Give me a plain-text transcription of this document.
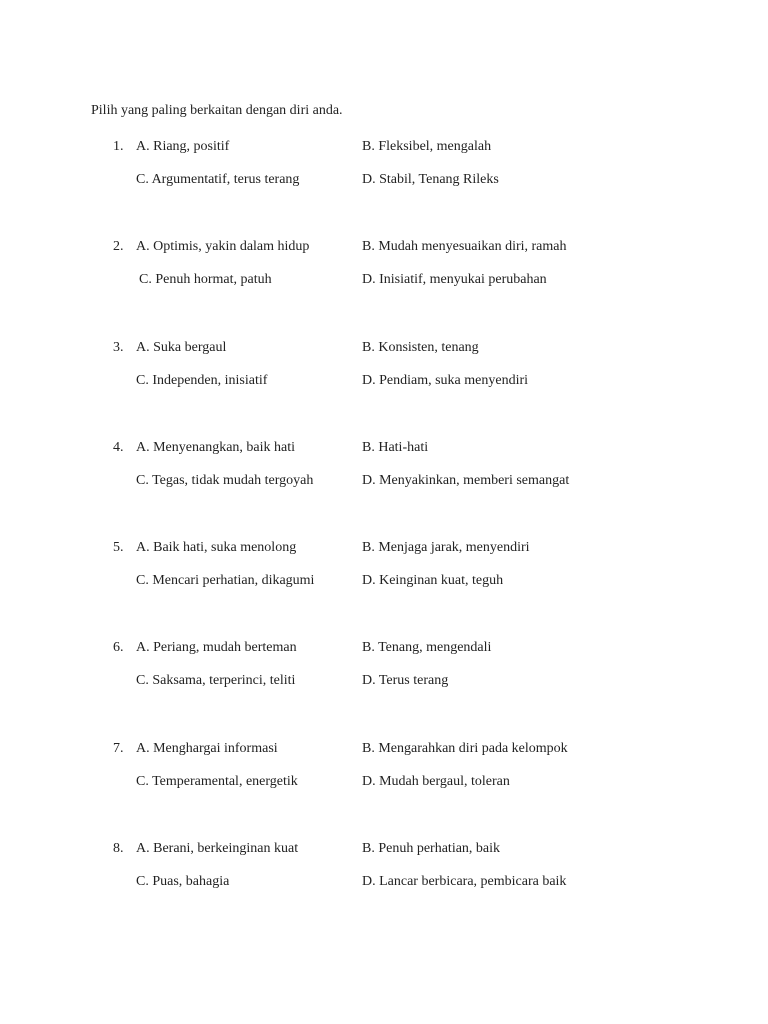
Pilih yang paling berkaitan dengan diri anda.
1. A. Riang, positif	B. Fleksibel, mengalah
C. Argumentatif, terus terang	D. Stabil, Tenang Rileks
2. A. Optimis, yakin dalam hidup	B. Mudah menyesuaikan diri, ramah
C. Penuh hormat, patuh	D. Inisiatif, menyukai perubahan
3. A. Suka bergaul	B. Konsisten, tenang
C. Independen, inisiatif	D. Pendiam, suka menyendiri
4. A. Menyenangkan, baik hati	B. Hati-hati
C. Tegas, tidak mudah tergoyah	D. Menyakinkan, memberi semangat
5. A. Baik hati, suka menolong	B. Menjaga jarak, menyendiri
C. Mencari perhatian, dikagumi	D. Keinginan kuat, teguh
6. A. Periang, mudah berteman	B. Tenang, mengendali
C. Saksama, terperinci, teliti	D. Terus terang
7. A. Menghargai informasi	B. Mengarahkan diri pada kelompok
C. Temperamental, energetik	D. Mudah bergaul, toleran
8. A. Berani, berkeinginan kuat	B. Penuh perhatian, baik
C. Puas, bahagia	D. Lancar berbicara, pembicara baik
